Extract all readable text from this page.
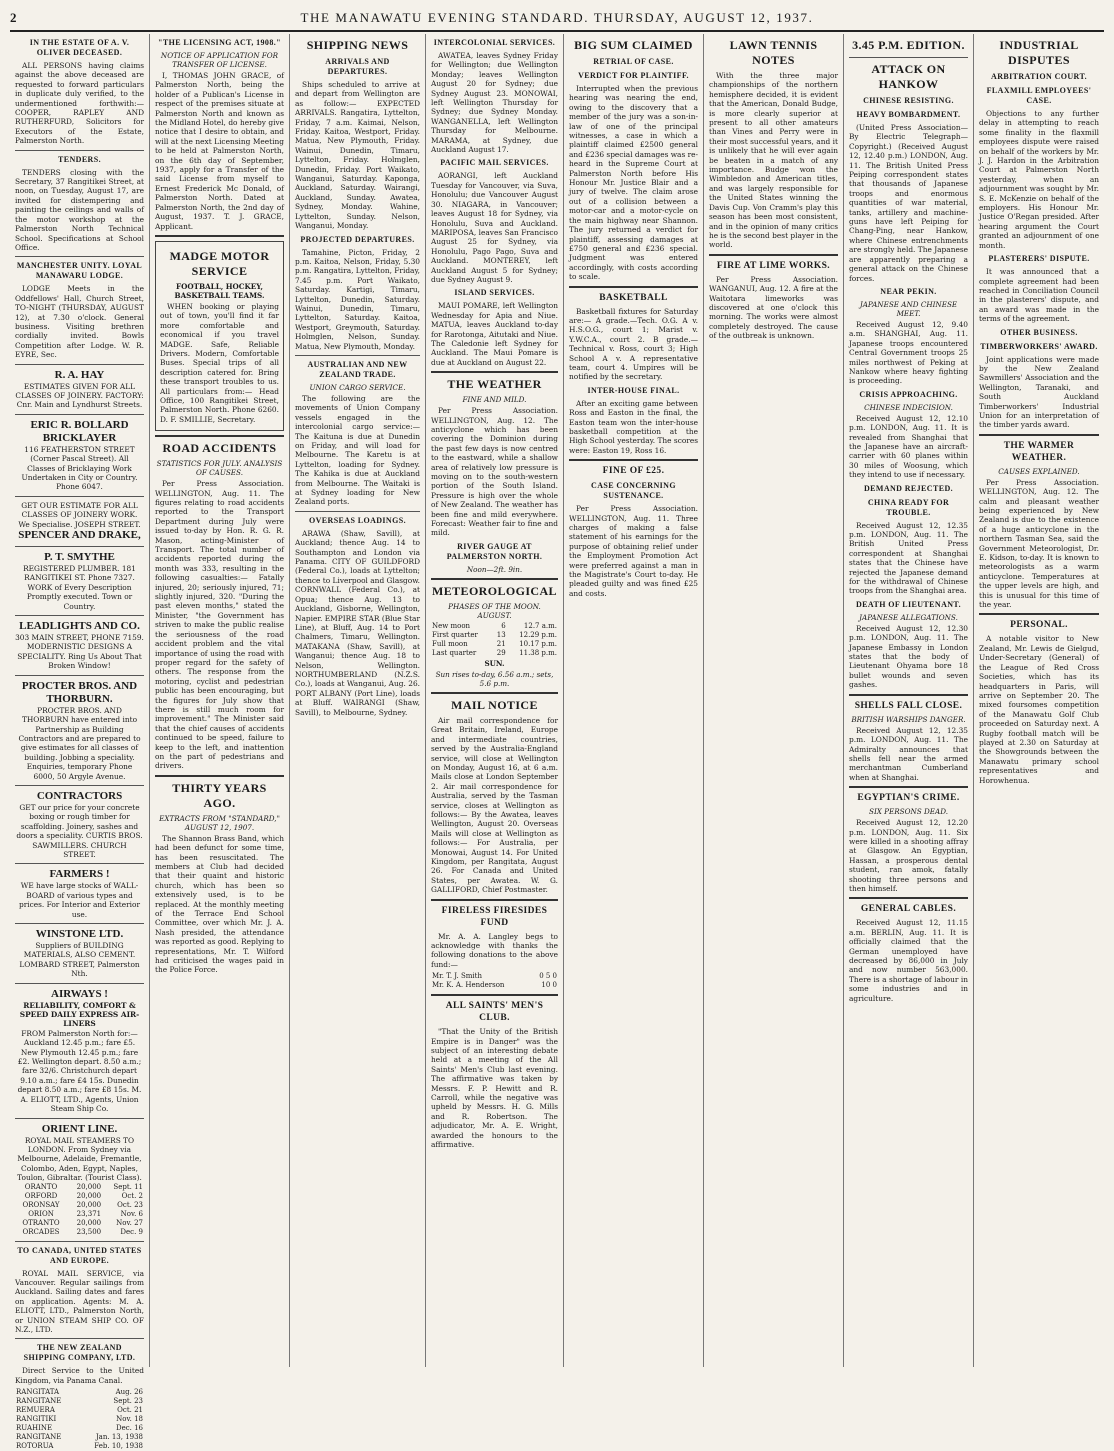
2	THE MANAWATU EVENING STANDARD. THURSDAY, AUGUST 12, 1937.
IN THE ESTATE OF A. V. OLIVER DECEASED.

ALL PERSONS having claims against the above deceased are requested to forward particulars in duplicate duly verified, to the undermentioned forthwith:— COOPER, RAPLEY AND RUTHERFURD, Solicitors for Executors of the Estate, Palmerston North.

TENDERS.

TENDERS closing with the Secretary, 37 Rangitikei Street, at noon, on Tuesday, August 17, are invited for distempering and painting the ceilings and walls of the motor workshop at the Palmerston North Technical School. Specifications at School Office.

MANCHESTER UNITY. LOYAL MANAWARU LODGE.

LODGE Meets in the Oddfellows' Hall, Church Street, TO-NIGHT (THURSDAY, AUGUST 12), at 7.30 o'clock. General business. Visiting brethren cordially invited. Bowls Competition after Lodge. W. R. EYRE, Sec.

R. A. HAY
ESTIMATES GIVEN FOR ALL CLASSES OF JOINERY. FACTORY: Cnr. Main and Lyndhurst Streets.
ERIC R. BOLLARD
BRICKLAYER
116 FEATHERSTON STREET (Corner Pascal Street). All Classes of Bricklaying Work Undertaken in City or Country. Phone 6047.
GET OUR ESTIMATE FOR ALL CLASSES OF JOINERY WORK. We Specialise. JOSEPH STREET.
SPENCER AND DRAKE,
P. T. SMYTHE
REGISTERED PLUMBER. 181 RANGITIKEI ST. Phone 7327. WORK of Every Description Promptly executed. Town or Country.
LEADLIGHTS AND CO.
303 MAIN STREET, PHONE 7159. MODERNISTIC DESIGNS A SPECIALITY. Ring Us About That Broken Window!
PROCTER BROS. AND THORBURN.
PROCTER BROS. AND THORBURN have entered into Partnership as Building Contractors and are prepared to give estimates for all classes of building. Jobbing a speciality. Enquiries, temporary Phone 6000, 50 Argyle Avenue.
CONTRACTORS
GET our price for your concrete boxing or rough timber for scaffolding. Joinery, sashes and doors a speciality. CURTIS BROS. SAWMILLERS. CHURCH STREET.
FARMERS !
WE have large stocks of WALL-BOARD of various types and prices. For Interior and Exterior use.
WINSTONE LTD.
Suppliers of BUILDING MATERIALS, ALSO CEMENT. LOMBARD STREET, Palmerston Nth.
AIRWAYS !
RELIABILITY, COMFORT & SPEED DAILY EXPRESS AIR-LINERS
FROM Palmerston North for:—Auckland 12.45 p.m.; fare £5. New Plymouth 12.45 p.m.; fare £2. Wellington depart. 8.50 a.m.; fare 32/6. Christchurch depart 9.10 a.m.; fare £4 15s. Dunedin depart 8.50 a.m.; fare £8 15s. M. A. ELIOTT, LTD., Agents, Union Steam Ship Co.
ORIENT LINE.
ROYAL MAIL STEAMERS TO LONDON. From Sydney via Melbourne, Adelaide, Fremantle, Colombo, Aden, Egypt, Naples, Toulon, Gibraltar. (Tourist Class).
ORANTO	20,000	Sept. 11
ORFORD	20,000	Oct. 2
ORONSAY	20,000	Oct. 23
ORION	23,371	Nov. 6
OTRANTO	20,000	Nov. 27
ORCADES	23,500	Dec. 9
TO CANADA, UNITED STATES AND EUROPE.

ROYAL MAIL SERVICE, via Vancouver. Regular sailings from Auckland. Sailing dates and fares on application. Agents: M. A. ELIOTT, LTD., Palmerston North, or UNION STEAM SHIP CO. OF N.Z., LTD.

THE NEW ZEALAND SHIPPING COMPANY, LTD.

Direct Service to the United Kingdom, via Panama Canal.

RANGITATA	Aug. 26
RANGITANE	Sept. 23
REMUERA	Oct. 21
RANGITIKI	Nov. 18
RUAHINE	Dec. 16
RANGITANE	Jan. 13, 1938
ROTORUA	Feb. 10, 1938
"THE LICENSING ACT, 1908."
NOTICE OF APPLICATION FOR TRANSFER OF LICENSE.

I, THOMAS JOHN GRACE, of Palmerston North, being the holder of a Publican's License in respect of the premises situate at Palmerston North and known as the Midland Hotel, do hereby give notice that I desire to obtain, and will at the next Licensing Meeting to be held at Palmerston North, on the 6th day of September, 1937, apply for a Transfer of the said License from myself to Ernest Frederick Mc Donald, of Palmerston North. Dated at Palmerston North, the 2nd day of August, 1937. T. J. GRACE, Applicant.

MADGE MOTOR SERVICE
FOOTBALL, HOCKEY, BASKETBALL TEAMS.

WHEN booking or playing out of town, you'll find it far more comfortable and economical if you travel MADGE. Safe, Reliable Drivers. Modern, Comfortable Buses. Special trips of all description catered for. Bring these transport troubles to us. All particulars from:— Head Office, 100 Rangitikei Street, Palmerston North. Phone 6260. D. F. SMILLIE, Secretary.

ROAD ACCIDENTS
STATISTICS FOR JULY. ANALYSIS OF CAUSES.

Per Press Association. WELLINGTON, Aug. 11. The figures relating to road accidents reported to the Transport Department during July were issued to-day by Hon. R. G. R. Mason, acting-Minister of Transport. The total number of accidents reported during the month was 333, resulting in the following casualties:— Fatally injured, 20; seriously injured, 71; slightly injured, 320. "During the past eleven months," stated the Minister, "the Government has striven to make the public realise the seriousness of the road accident problem and the vital importance of using the road with proper regard for the safety of others. The response from the motoring, cyclist and pedestrian public has been encouraging, but the figures for July show that there is still much room for improvement." The Minister said that the chief causes of accidents continued to be speed, failure to keep to the left, and inattention on the part of pedestrians and drivers.

THIRTY YEARS AGO.
EXTRACTS FROM "STANDARD," AUGUST 12, 1907.

The Shannon Brass Band, which had been defunct for some time, has been resuscitated. The members at Club had decided that their quaint and historic church, which has been so extensively used, is to be replaced. At the monthly meeting of the Terrace End School Committee, over which Mr. J. A. Nash presided, the attendance was reported as good. Replying to representations, Mr. T. Wilford had criticised the wages paid in the Police Force.

SHIPPING NEWS
ARRIVALS AND DEPARTURES.

Ships scheduled to arrive at and depart from Wellington are as follow:— EXPECTED ARRIVALS. Rangatira, Lyttelton, Friday, 7 a.m. Kaimai, Nelson, Friday. Kaitoa, Westport, Friday. Matua, New Plymouth, Friday. Wainui, Dunedin, Timaru, Lyttelton, Friday. Holmglen, Dunedin, Friday. Port Waikato, Wanganui, Saturday. Kaponga, Auckland, Saturday. Wairangi, Auckland, Sunday. Awatea, Sydney, Monday. Wahine, Lyttelton, Sunday. Nelson, Wanganui, Monday.

PROJECTED DEPARTURES.

Tamahine, Picton, Friday, 2 p.m. Kaitoa, Nelson, Friday, 5.30 p.m. Rangatira, Lyttelton, Friday, 7.45 p.m. Port Waikato, Saturday. Kartigi, Timaru, Lyttelton, Dunedin, Saturday. Wainui, Dunedin, Timaru, Lyttelton, Saturday. Kaitoa, Westport, Greymouth, Saturday. Holmglen, Nelson, Sunday. Matua, New Plymouth, Monday.

AUSTRALIAN AND NEW ZEALAND TRADE.
UNION CARGO SERVICE.

The following are the movements of Union Company vessels engaged in the intercolonial cargo service:— The Kaituna is due at Dunedin on Friday, and will load for Melbourne. The Karetu is at Lyttelton, loading for Sydney. The Kahika is due at Auckland from Melbourne. The Waitaki is at Sydney loading for New Zealand ports.

OVERSEAS LOADINGS.

ARAWA (Shaw, Savill), at Auckland; thence Aug. 14 to Southampton and London via Panama. CITY OF GUILDFORD (Federal Co.), loads at Lyttelton; thence to Liverpool and Glasgow. CORNWALL (Federal Co.), at Opua; thence Aug. 13 to Auckland, Gisborne, Wellington, Napier. EMPIRE STAR (Blue Star Line), at Bluff, Aug. 14 to Port Chalmers, Timaru, Wellington. MATAKANA (Shaw, Savill), at Wanganui; thence Aug. 18 to Nelson, Wellington. NORTHUMBERLAND (N.Z.S. Co.), loads at Wanganui, Aug. 26. PORT ALBANY (Port Line), loads at Bluff. WAIRANGI (Shaw, Savill), to Melbourne, Sydney.

INTERCOLONIAL SERVICES.

AWATEA, leaves Sydney Friday for Wellington; due Wellington Monday; leaves Wellington August 20 for Sydney; due Sydney August 23. MONOWAI, left Wellington Thursday for Sydney; due Sydney Monday. WANGANELLA, left Wellington Thursday for Melbourne. MARAMA, at Sydney, due Auckland August 17.

PACIFIC MAIL SERVICES.

AORANGI, left Auckland Tuesday for Vancouver, via Suva, Honolulu; due Vancouver August 30. NIAGARA, in Vancouver; leaves August 18 for Sydney, via Honolulu, Suva and Auckland. MARIPOSA, leaves San Francisco August 25 for Sydney, via Honolulu, Pago Pago, Suva and Auckland. MONTEREY, left Auckland August 5 for Sydney; due Sydney August 9.

ISLAND SERVICES.

MAUI POMARE, left Wellington Wednesday for Apia and Niue. MATUA, leaves Auckland to-day for Rarotonga, Aitutaki and Niue. The Caledonie left Sydney for Auckland. The Maui Pomare is due at Auckland on August 22.

THE WEATHER
FINE AND MILD.

Per Press Association. WELLINGTON, Aug. 12. The anticyclone which has been covering the Dominion during the past few days is now centred to the eastward, while a shallow area of relatively low pressure is moving on to the south-western portion of the South Island. Pressure is high over the whole of New Zealand. The weather has been fine and mild everywhere. Forecast: Weather fair to fine and mild.

RIVER GAUGE AT PALMERSTON NORTH.
Noon—2ft. 9in.
METEOROLOGICAL
PHASES OF THE MOON. AUGUST.
New moon	6	12.7 a.m.
First quarter	13	12.29 p.m.
Full moon	21	10.17 p.m.
Last quarter	29	11.38 p.m.
SUN.
Sun rises to-day, 6.56 a.m.; sets, 5.6 p.m.
MAIL NOTICE

Air mail correspondence for Great Britain, Ireland, Europe and intermediate countries, served by the Australia-England service, will close at Wellington on Monday, August 16, at 6 a.m. Mails close at London September 2. Air mail correspondence for Australia, served by the Tasman service, closes at Wellington as follows:— By the Awatea, leaves Wellington, August 20. Overseas Mails will close at Wellington as follows:— For Australia, per Monowai, August 14. For United Kingdom, per Rangitata, August 26. For Canada and United States, per Awatea. W. G. GALLIFORD, Chief Postmaster.

FIRELESS FIRESIDES FUND

Mr. A. A. Langley begs to acknowledge with thanks the following donations to the above fund:—

Mr. T. J. Smith	0 5 0
Mr. K. A. Henderson	10 0
ALL SAINTS' MEN'S CLUB.

"That the Unity of the British Empire is in Danger" was the subject of an interesting debate held at a meeting of the All Saints' Men's Club last evening. The affirmative was taken by Messrs. F. P. Hewitt and R. Carroll, while the negative was upheld by Messrs. H. G. Mills and R. Robertson. The adjudicator, Mr. A. E. Wright, awarded the honours to the affirmative.

BIG SUM CLAIMED
RETRIAL OF CASE.
VERDICT FOR PLAINTIFF.

Interrupted when the previous hearing was nearing the end, owing to the discovery that a member of the jury was a son-in-law of one of the principal witnesses, a case in which a plaintiff claimed £2500 general and £236 special damages was re-heard in the Supreme Court at Palmerston North before His Honour Mr. Justice Blair and a jury of twelve. The claim arose out of a collision between a motor-car and a motor-cycle on the main highway near Shannon. The jury returned a verdict for plaintiff, assessing damages at £750 general and £236 special. Judgment was entered accordingly, with costs according to scale.

BASKETBALL

Basketball fixtures for Saturday are:— A grade.—Tech. O.G. A v. H.S.O.G., court 1; Marist v. Y.W.C.A., court 2. B grade.—Technical v. Ross, court 3; High School A v. A representative team, court 4. Umpires will be notified by the secretary.

INTER-HOUSE FINAL.

After an exciting game between Ross and Easton in the final, the Easton team won the inter-house basketball competition at the High School yesterday. The scores were: Easton 19, Ross 16.

FINE OF £25.
CASE CONCERNING SUSTENANCE.

Per Press Association. WELLINGTON, Aug. 11. Three charges of making a false statement of his earnings for the purpose of obtaining relief under the Employment Promotion Act were preferred against a man in the Magistrate's Court to-day. He pleaded guilty and was fined £25 and costs.

LAWN TENNIS NOTES

With the three major championships of the northern hemisphere decided, it is evident that the American, Donald Budge, is more clearly superior at present to all other amateurs than Vines and Perry were in their most successful years, and it is unlikely that he will ever again be beaten in a match of any importance. Budge won the Wimbledon and American titles, and was largely responsible for the United States winning the Davis Cup. Von Cramm's play this season has been most consistent, and in the opinion of many critics he is the second best player in the world.

FIRE AT LIME WORKS.

Per Press Association. WANGANUI, Aug. 12. A fire at the Waitotara limeworks was discovered at one o'clock this morning. The works were almost completely destroyed. The cause of the outbreak is unknown.

3.45 P.M. EDITION.
ATTACK ON HANKOW
CHINESE RESISTING.
HEAVY BOMBARDMENT.

(United Press Association—By Electric Telegraph—Copyright.) (Received August 12, 12.40 p.m.) LONDON, Aug. 11. The British United Press Peiping correspondent states that thousands of Japanese troops and enormous quantities of war material, tanks, artillery and machine-guns have left Peiping for Chang-Ping, near Hankow, where Chinese entrenchments are strongly held. The Japanese are apparently preparing a general attack on the Chinese forces.

NEAR PEKIN.
JAPANESE AND CHINESE MEET.

Received August 12, 9.40 a.m. SHANGHAI, Aug. 11. Japanese troops encountered Central Government troops 25 miles northwest of Peking at Nankow where heavy fighting is proceeding.

CRISIS APPROACHING.
CHINESE INDECISION.

Received August 12, 12.10 p.m. LONDON, Aug. 11. It is revealed from Shanghai that the Japanese have an aircraft-carrier with 60 planes within 30 miles of Woosung, which they intend to use if necessary.

DEMAND REJECTED.
CHINA READY FOR TROUBLE.

Received August 12, 12.35 p.m. LONDON, Aug. 11. The British United Press correspondent at Shanghai states that the Chinese have rejected the Japanese demand for the withdrawal of Chinese troops from the Shanghai area.

DEATH OF LIEUTENANT.
JAPANESE ALLEGATIONS.

Received August 12, 12.30 p.m. LONDON, Aug. 11. The Japanese Embassy in London states that the body of Lieutenant Ohyama bore 18 bullet wounds and seven gashes.

SHELLS FALL CLOSE.
BRITISH WARSHIPS DANGER.

Received August 12, 12.35 p.m. LONDON, Aug. 11. The Admiralty announces that shells fell near the armed merchantman Cumberland when at Shanghai.

EGYPTIAN'S CRIME.
SIX PERSONS DEAD.

Received August 12, 12.20 p.m. LONDON, Aug. 11. Six were killed in a shooting affray at Glasgow. An Egyptian, Hassan, a prosperous dental student, ran amok, fatally shooting three persons and then himself.

GENERAL CABLES.

Received August 12, 11.15 a.m. BERLIN, Aug. 11. It is officially claimed that the German unemployed have decreased by 86,000 in July and now number 563,000. There is a shortage of labour in some industries and in agriculture.

INDUSTRIAL DISPUTES
ARBITRATION COURT.
FLAXMILL EMPLOYEES' CASE.

Objections to any further delay in attempting to reach some finality in the flaxmill employees dispute were raised on behalf of the workers by Mr. J. J. Hardon in the Arbitration Court at Palmerston North yesterday, when an adjournment was sought by Mr. S. E. McKenzie on behalf of the employers. His Honour Mr. Justice O'Regan presided. After hearing argument the Court granted an adjournment of one month.

PLASTERERS' DISPUTE.

It was announced that a complete agreement had been reached in Conciliation Council in the plasterers' dispute, and an award was made in the terms of the agreement.

OTHER BUSINESS.
TIMBERWORKERS' AWARD.

Joint applications were made by the New Zealand Sawmillers' Association and the Wellington, Taranaki, and South Auckland Timberworkers' Industrial Union for an interpretation of the timber yards award.

THE WARMER WEATHER.
CAUSES EXPLAINED.

Per Press Association. WELLINGTON, Aug. 12. The calm and pleasant weather being experienced by New Zealand is due to the existence of a huge anticyclone in the northern Tasman Sea, said the Government Meteorologist, Dr. E. Kidson, to-day. It is known to meteorologists as a warm anticyclone. Temperatures at the upper levels are high, and this is unusual for this time of the year.

PERSONAL.

A notable visitor to New Zealand, Mr. Lewis de Gielgud, Under-Secretary (General) of the League of Red Cross Societies, which has its headquarters in Paris, will arrive on September 20. The mixed foursomes competition of the Manawatu Golf Club proceeded on Saturday next. A Rugby football match will be played at 2.30 on Saturday at the Showgrounds between the Manawatu primary school representatives and Horowhenua.
